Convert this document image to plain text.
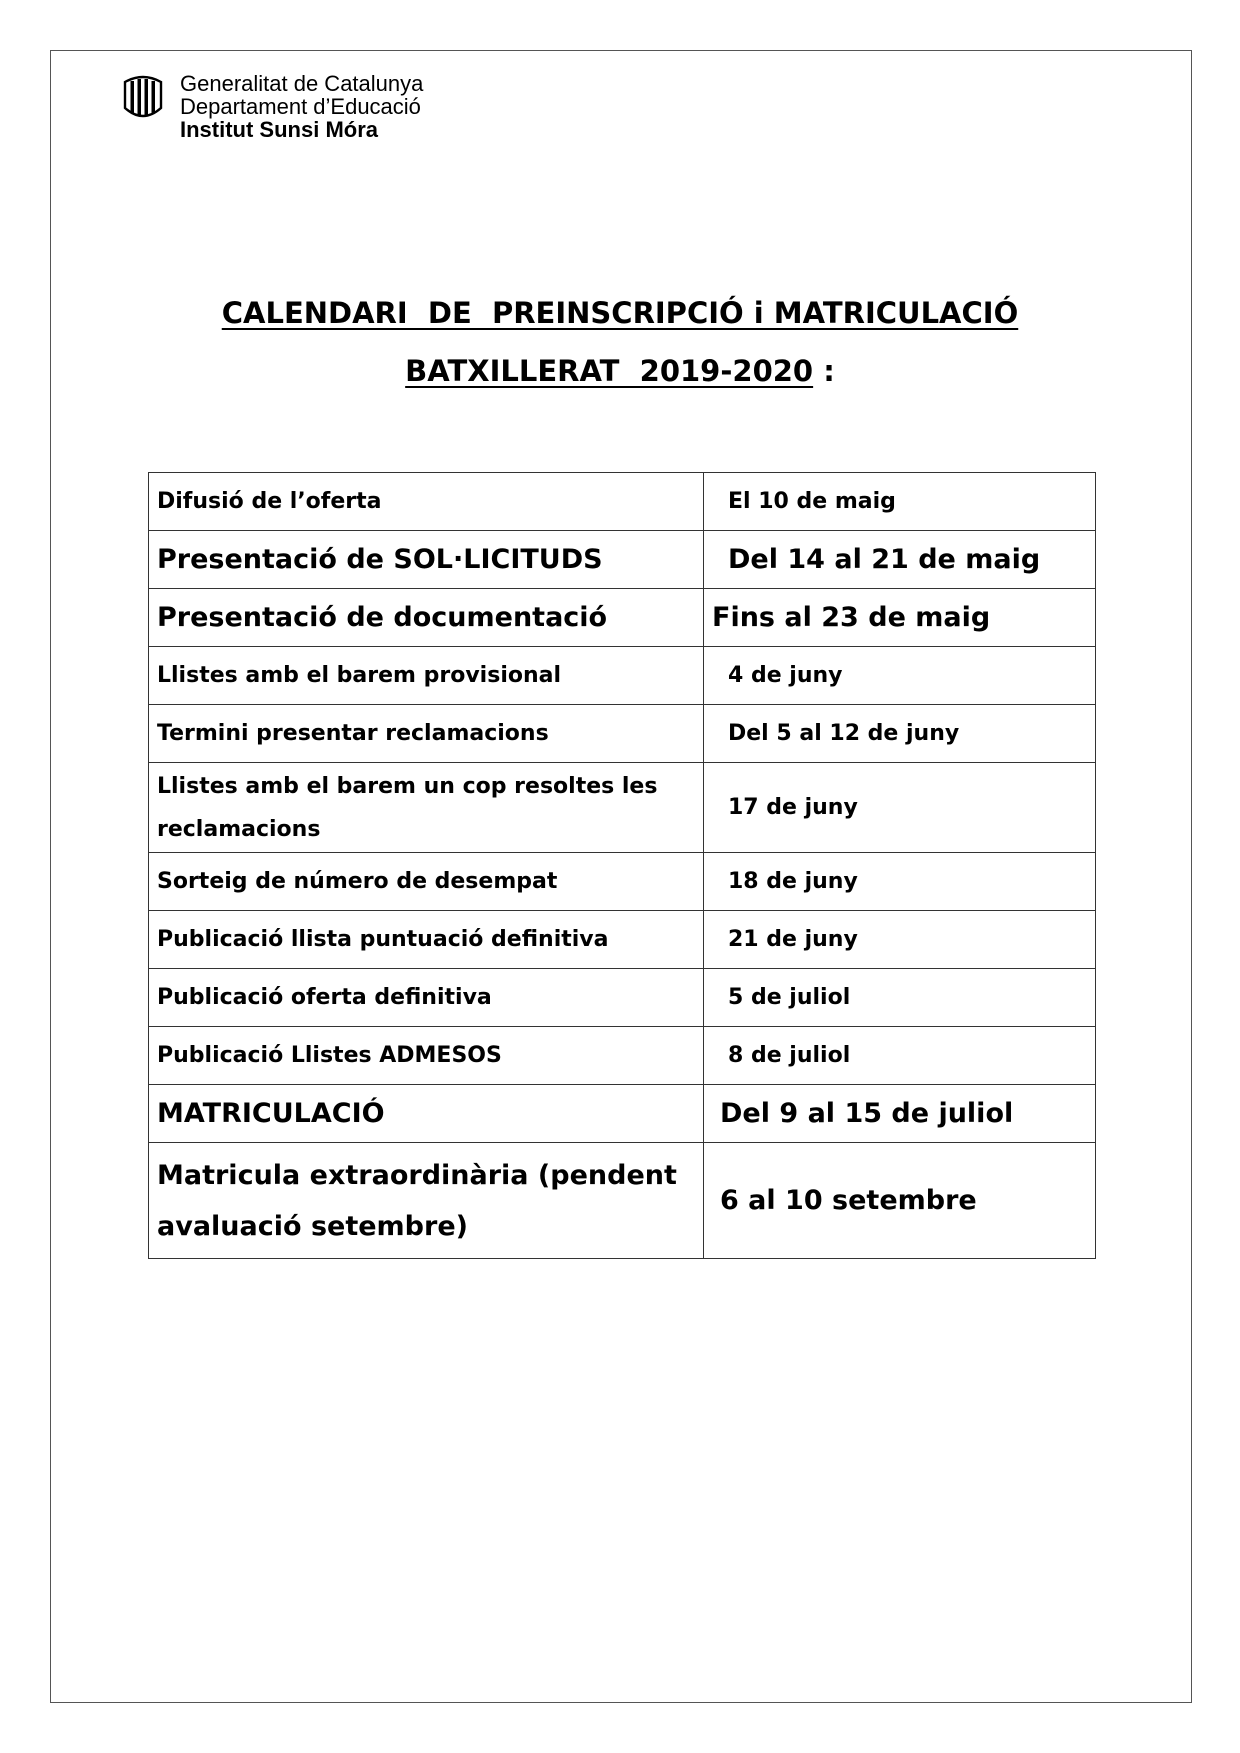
Generalitat de Catalunya
Departament d’Educació
Institut Sunsi Móra
CALENDARI  DE  PREINSCRIPCIÓ i MATRICULACIÓ
BATXILLERAT  2019-2020 :
Difusió de l’oferta	El 10 de maig
Presentació de SOL·LICITUDS	Del 14 al 21 de maig
Presentació de documentació	Fins al 23 de maig
Llistes amb el barem provisional	4 de juny
Termini presentar reclamacions	Del 5 al 12 de juny
Llistes amb el barem un cop resoltes les reclamacions	17 de juny
Sorteig de número de desempat	18 de juny
Publicació llista puntuació definitiva	21 de juny
Publicació oferta definitiva	5 de juliol
Publicació Llistes ADMESOS	8 de juliol
MATRICULACIÓ	Del 9 al 15 de juliol
Matricula extraordinària (pendent avaluació setembre)	6 al 10 setembre
